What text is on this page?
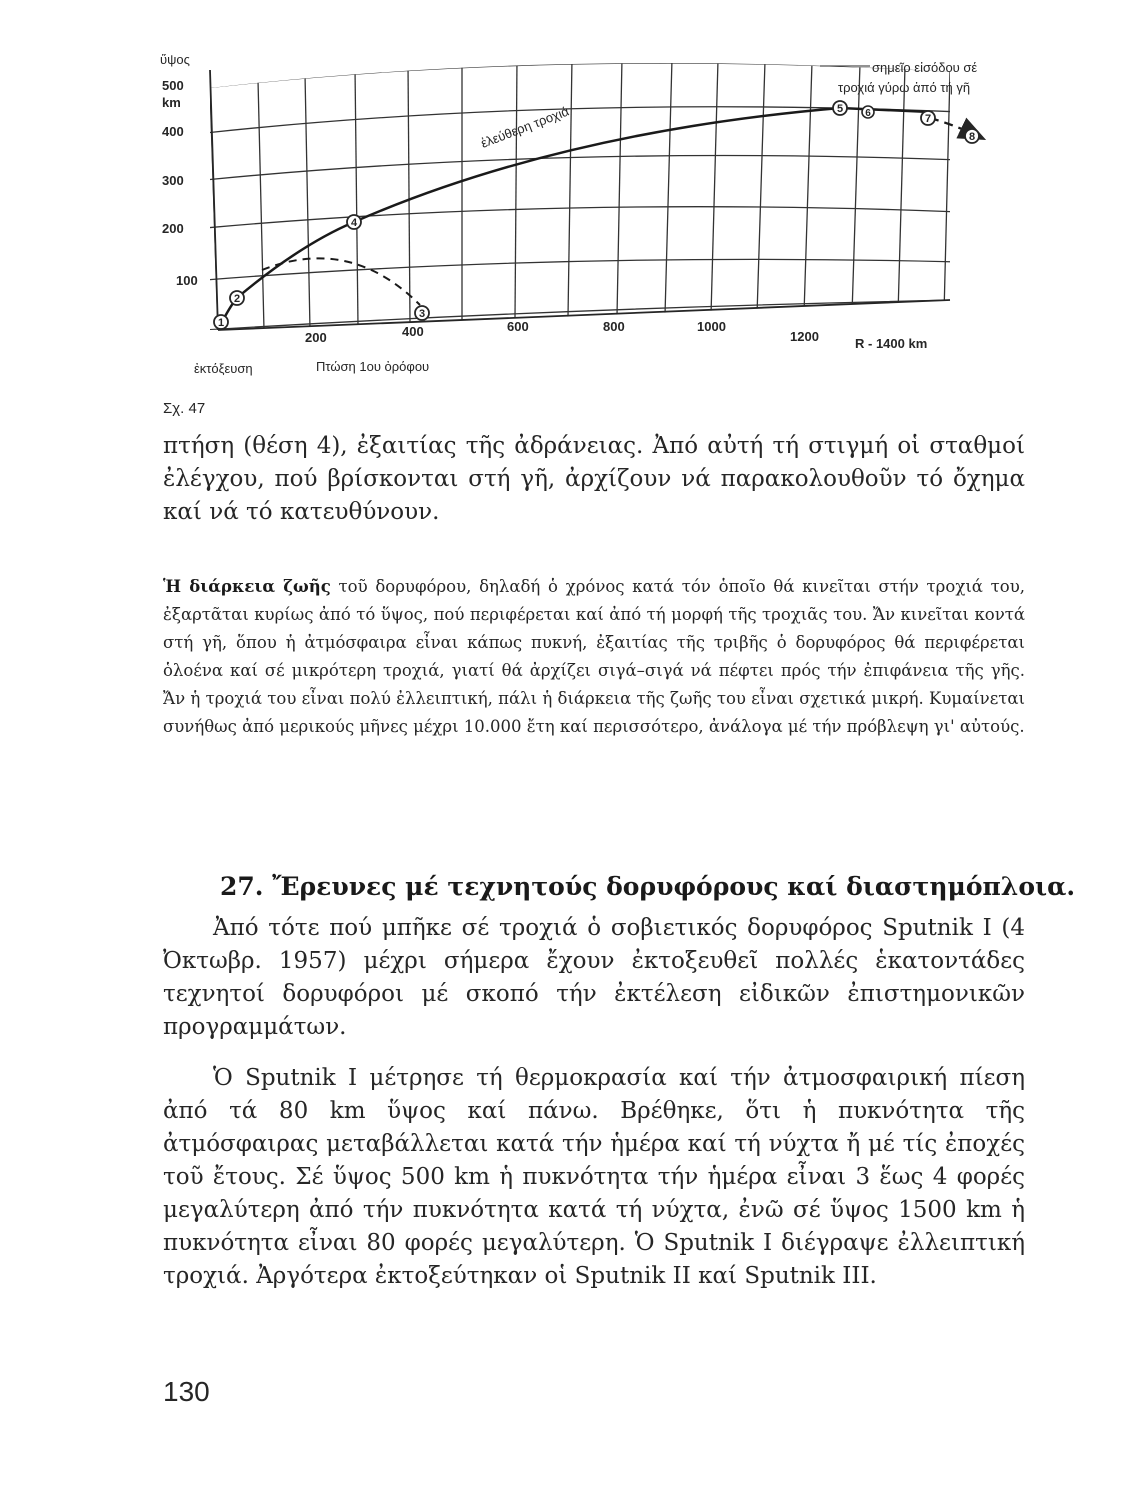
1
2
3
4
5 6	7
8
ὕψος
500
km
400
300
200
100
200	400	600	800	1000
1200	R - 1400 km
ἐλεύθερη τροχιά
σημεῖο εἰσόδου σέ
τροχιά γύρω ἀπό τή γῆ
ἐκτόξευση	Πτώση 1ου ὀρόφου
Σχ. 47
πτήση (θέση 4), ἐξαιτίας τῆς ἀδράνειας. Ἀπό αὐτή τή στιγμή οἱ σταθμοί ἐλέγχου, πού βρίσκονται στή γῆ, ἀρχίζουν νά παρακολουθοῦν τό ὄχημα καί νά τό κατευθύνουν.
Ἡ διάρκεια ζωῆς τοῦ δορυφόρου, δηλαδή ὁ χρόνος κατά τόν ὁποῖο θά κινεῖται στήν τροχιά του, ἐξαρτᾶται κυρίως ἀπό τό ὕψος, πού περιφέρεται καί ἀπό τή μορφή τῆς τροχιᾶς του. Ἄν κινεῖται κοντά στή γῆ, ὅπου ἡ ἀτμόσφαιρα εἶναι κάπως πυκνή, ἐξαιτίας τῆς τριβῆς ὁ δορυφόρος θά περιφέρεται ὁλοένα καί σέ μικρότερη τροχιά, γιατί θά ἀρχίζει σιγά–σιγά νά πέφτει πρός τήν ἐπιφάνεια τῆς γῆς. Ἄν ἡ τροχιά του εἶναι πολύ ἐλλειπτική, πάλι ἡ διάρκεια τῆς ζωῆς του εἶναι σχετικά μικρή. Κυμαίνεται συνήθως ἀπό μερικούς μῆνες μέχρι 10.000 ἔτη καί περισσότερο, ἀνάλογα μέ τήν πρόβλεψη γι' αὐτούς.
27. Ἔρευνες μέ τεχνητούς δορυφόρους καί διαστημόπλοια.
Ἀπό τότε πού μπῆκε σέ τροχιά ὁ σοβιετικός δορυφόρος Sputnik I (4 Ὀκτωβρ. 1957) μέχρι σήμερα ἔχουν ἐκτοξευθεῖ πολλές ἑκατοντάδες τεχνητοί δορυφόροι μέ σκοπό τήν ἐκτέλεση εἰδικῶν ἐπιστημονικῶν προγραμμάτων.
Ὁ Sputnik I μέτρησε τή θερμοκρασία καί τήν ἀτμοσφαιρική πίεση ἀπό τά 80 km ὕψος καί πάνω. Βρέθηκε, ὅτι ἡ πυκνότητα τῆς ἀτμόσφαιρας μεταβάλλεται κατά τήν ἡμέρα καί τή νύχτα ἤ μέ τίς ἐποχές τοῦ ἔτους. Σέ ὕψος 500 km ἡ πυκνότητα τήν ἡμέρα εἶναι 3 ἕως 4 φορές μεγαλύτερη ἀπό τήν πυκνότητα κατά τή νύχτα, ἐνῶ σέ ὕψος 1500 km ἡ πυκνότητα εἶναι 80 φορές μεγαλύτερη. Ὁ Sputnik I διέγραψε ἐλλειπτική τροχιά. Ἀργότερα ἐκτοξεύτηκαν οἱ Sputnik II καί Sputnik III.
130
